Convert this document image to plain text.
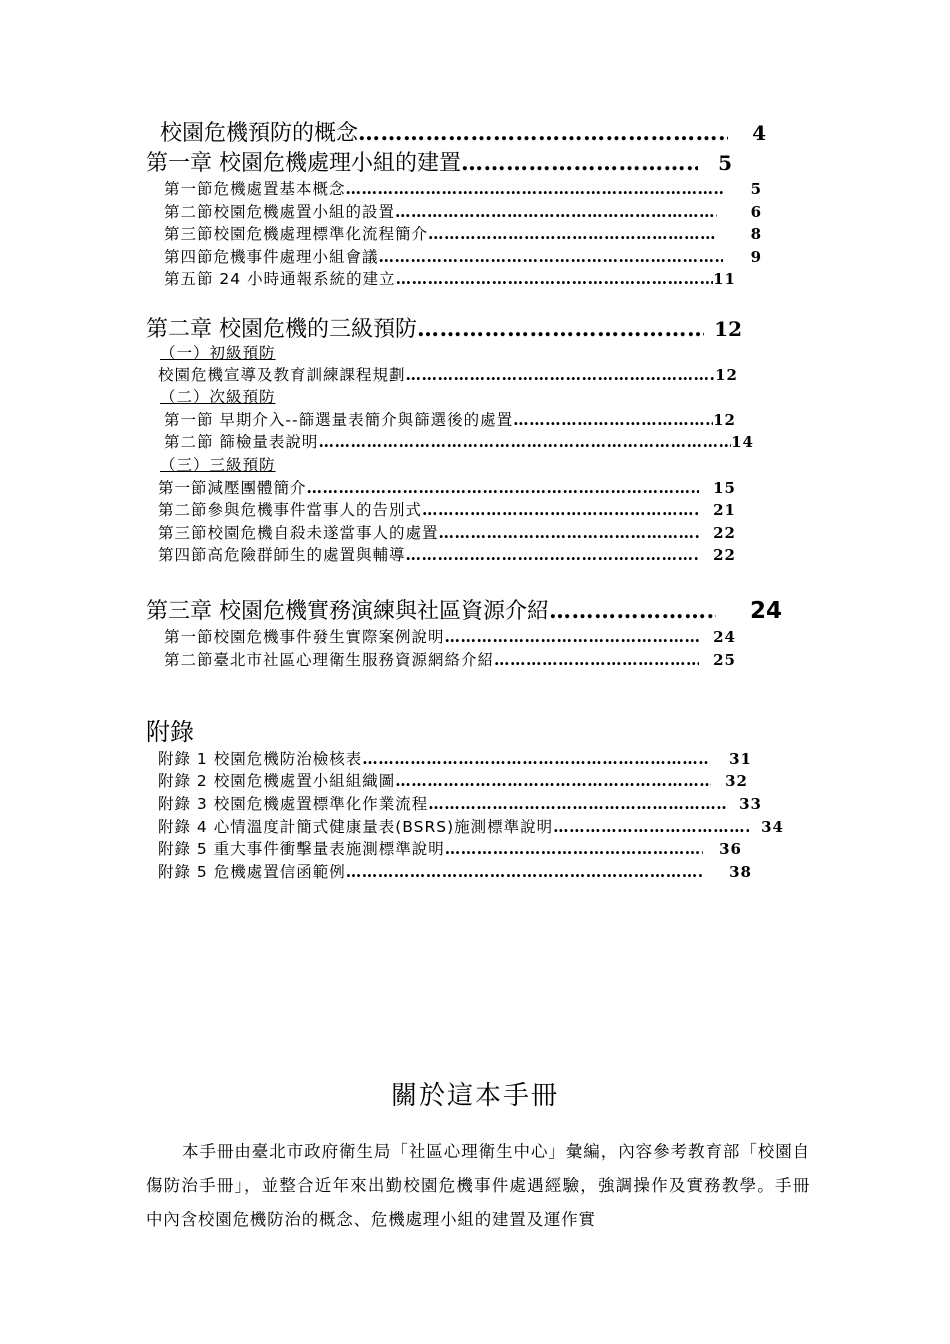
校園危機預防的概念 ……………………………………………………………………………………………………………………………………………………………………………………	4
第一章 校園危機處理小組的建置 ……………………………………………………………………………………………………………………………………………………………………………………	5
第一節危機處置基本概念 ……………………………………………………………………………………………………………………………………………………………………………………	5
第二節校園危機處置小組的設置 ……………………………………………………………………………………………………………………………………………………………………………………	6
第三節校園危機處理標準化流程簡介 ……………………………………………………………………………………………………………………………………………………………………………………	8
第四節危機事件處理小組會議 ……………………………………………………………………………………………………………………………………………………………………………………	9
第五節 24 小時通報系統的建立 ……………………………………………………………………………………………………………………………………………………………………………………	11
第二章 校園危機的三級預防 ……………………………………………………………………………………………………………………………………………………………………………………	12
（一）初級預防
校園危機宣導及教育訓練課程規劃 ……………………………………………………………………………………………………………………………………………………………………………………	12
（二）次級預防
第一節 早期介入--篩選量表簡介與篩選後的處置 ……………………………………………………………………………………………………………………………………………………………………………………	12
第二節 篩檢量表說明 ……………………………………………………………………………………………………………………………………………………………………………………	14
（三）三級預防
第一節減壓團體簡介 ……………………………………………………………………………………………………………………………………………………………………………………	15
第二節參與危機事件當事人的告別式 ……………………………………………………………………………………………………………………………………………………………………………………	21
第三節校園危機自殺未遂當事人的處置 ……………………………………………………………………………………………………………………………………………………………………………………	22
第四節高危險群師生的處置與輔導 ……………………………………………………………………………………………………………………………………………………………………………………	22
第三章 校園危機實務演練與社區資源介紹 ……………………………………………………………………………………………………………………………………………………………………………………	24
第一節校園危機事件發生實際案例說明 ……………………………………………………………………………………………………………………………………………………………………………………	24
第二節臺北市社區心理衛生服務資源網絡介紹 ……………………………………………………………………………………………………………………………………………………………………………………	25
附錄
附錄 1 校園危機防治檢核表 ……………………………………………………………………………………………………………………………………………………………………………………	31
附錄 2 校園危機處置小組組織圖 ……………………………………………………………………………………………………………………………………………………………………………………	32
附錄 3 校園危機處置標準化作業流程 ……………………………………………………………………………………………………………………………………………………………………………………	33
附錄 4 心情溫度計簡式健康量表(BSRS)施測標準說明 ……………………………………………………………………………………………………………………………………………………………………………………	34
附錄 5 重大事件衝擊量表施測標準說明 ……………………………………………………………………………………………………………………………………………………………………………………	36
附錄 5 危機處置信函範例 ……………………………………………………………………………………………………………………………………………………………………………………	38
關於這本手冊
本手冊由臺北市政府衛生局「社區心理衛生中心」彙編，內容參考教育部「校園自傷防治手冊」，並整合近年來出勤校園危機事件處遇經驗，強調操作及實務教學。手冊中內含校園危機防治的概念、危機處理小組的建置及運作實
